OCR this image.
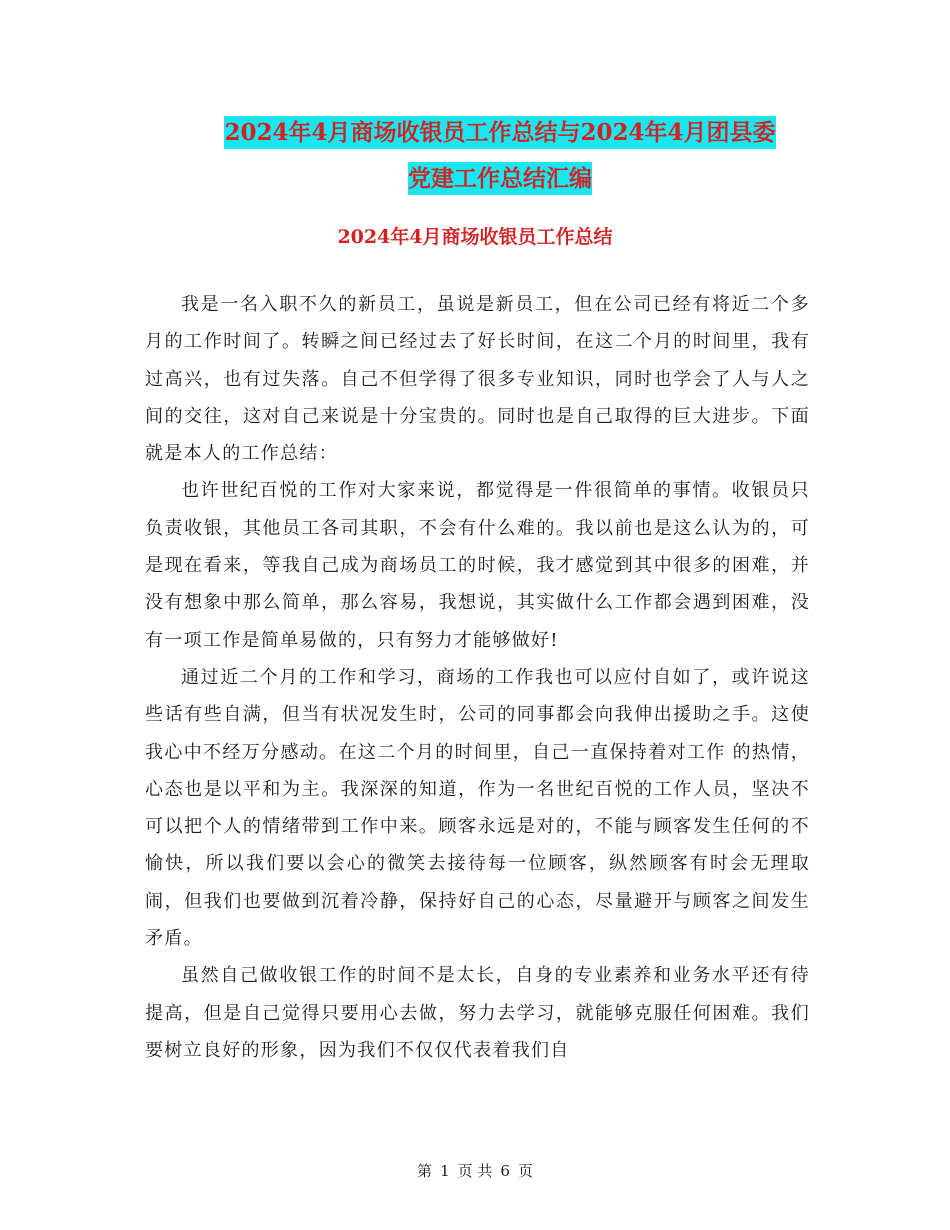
2024年4月商场收银员工作总结与2024年4月团县委
党建工作总结汇编
2024年4月商场收银员工作总结

我是一名入职不久的新员工，虽说是新员工，但在公司已经有将近二个多月的工作时间了。转瞬之间已经过去了好长时间，在这二个月的时间里，我有过高兴，也有过失落。自己不但学得了很多专业知识，同时也学会了人与人之间的交往，这对自己来说是十分宝贵的。同时也是自己取得的巨大进步。下面就是本人的工作总结：

也许世纪百悦的工作对大家来说，都觉得是一件很简单的事情。收银员只负责收银，其他员工各司其职，不会有什么难的。我以前也是这么认为的，可是现在看来，等我自己成为商场员工的时候，我才感觉到其中很多的困难，并没有想象中那么简单，那么容易，我想说，其实做什么工作都会遇到困难，没有一项工作是简单易做的，只有努力才能够做好!

通过近二个月的工作和学习，商场的工作我也可以应付自如了，或许说这些话有些自满，但当有状况发生时，公司的同事都会向我伸出援助之手。这使我心中不经万分感动。在这二个月的时间里，自己一直保持着对工作 的热情，心态也是以平和为主。我深深的知道，作为一名世纪百悦的工作人员，坚决不可以把个人的情绪带到工作中来。顾客永远是对的，不能与顾客发生任何的不愉快，所以我们要以会心的微笑去接待每一位顾客，纵然顾客有时会无理取闹，但我们也要做到沉着冷静，保持好自己的心态，尽量避开与顾客之间发生矛盾。

虽然自己做收银工作的时间不是太长，自身的专业素养和业务水平还有待提高，但是自己觉得只要用心去做，努力去学习，就能够克服任何困难。我们要树立良好的形象，因为我们不仅仅代表着我们自

第 1 页 共 6 页
